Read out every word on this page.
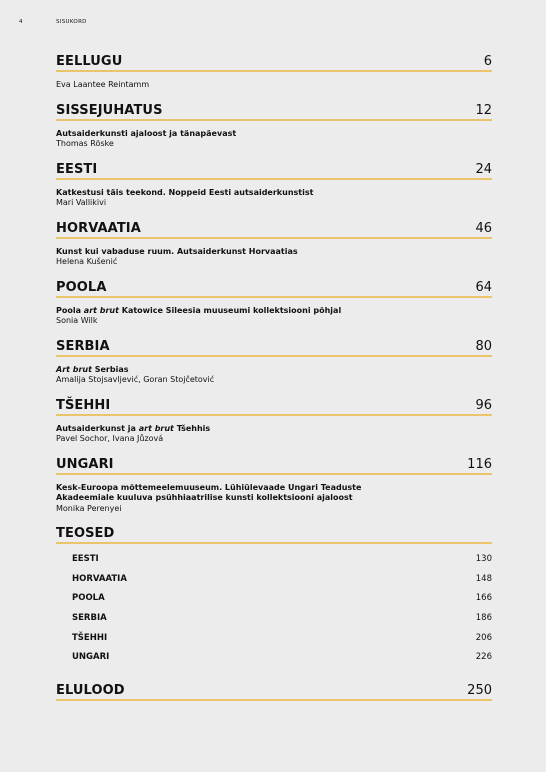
4	SISUKORD
EELLUGU	6
Eva Laantee Reintamm
SISSEJUHATUS	12
Autsaiderkunsti ajaloost ja tänapäevast
Thomas Röske
EESTI	24
Katkestusi täis teekond. Noppeid Eesti autsaiderkunstist
Mari Vallikivi
HORVAATIA	46
Kunst kui vabaduse ruum. Autsaiderkunst Horvaatias
Helena Kušenić
POOLA	64
Poola art brut Katowice Sileesia muuseumi kollektsiooni põhjal
Sonia Wilk
SERBIA	80
Art brut Serbias
Amalija Stojsavljević, Goran Stojčetović
TŠEHHI	96
Autsaiderkunst ja art brut Tšehhis
Pavel Sochor, Ivana Jůzová
UNGARI	116
Kesk-Euroopa mõttemeelemuuseum. Lühiülevaade Ungari Teaduste
Akadeemiale kuuluva psühhiaatrilise kunsti kollektsiooni ajaloost
Monika Perenyei
TEOSED
EESTI	130
HORVAATIA	148
POOLA	166
SERBIA	186
TŠEHHI	206
UNGARI	226
ELULOOD	250
